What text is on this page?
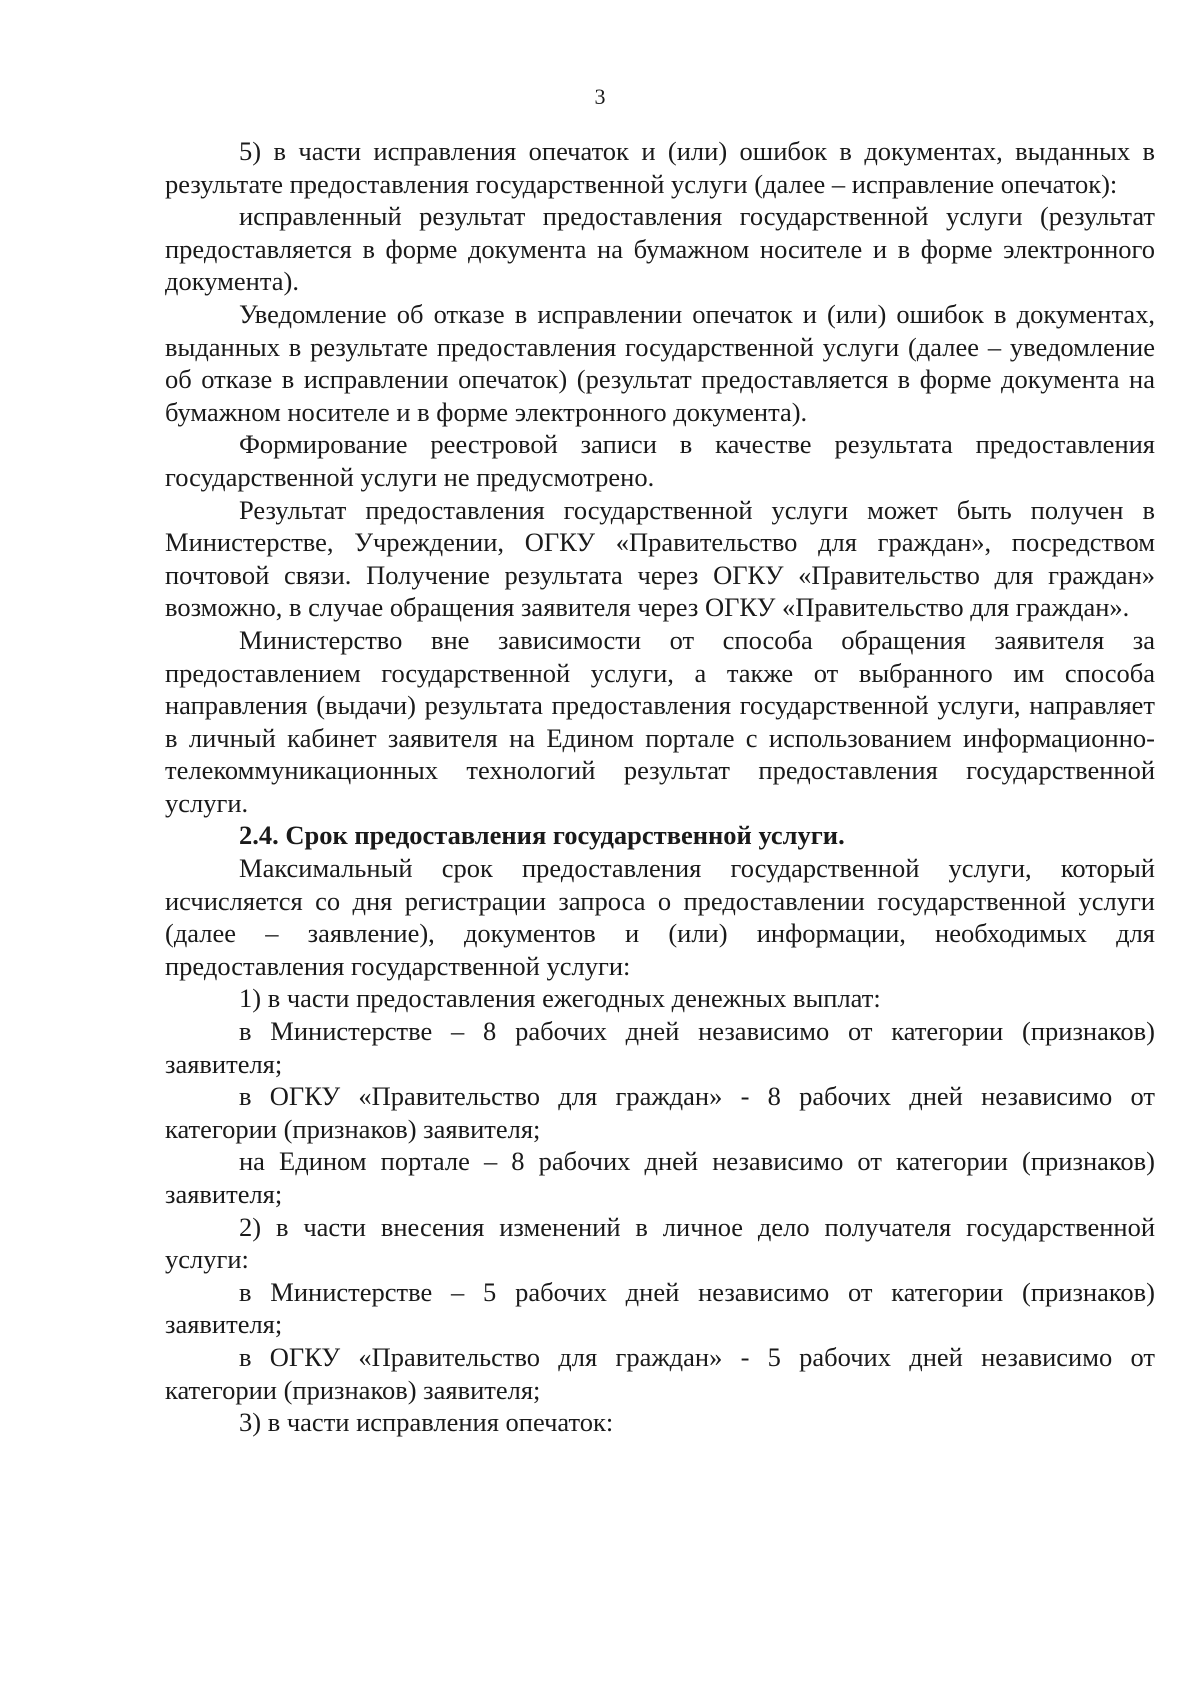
3

5) в части исправления опечаток и (или) ошибок в документах, выданных в результате предоставления государственной услуги (далее – исправление опечаток):

исправленный результат предоставления государственной услуги (результат предоставляется в форме документа на бумажном носителе и в форме электронного документа).

Уведомление об отказе в исправлении опечаток и (или) ошибок в документах, выданных в результате предоставления государственной услуги (далее – уведомление об отказе в исправлении опечаток) (результат предоставляется в форме документа на бумажном носителе и в форме электронного документа).

Формирование реестровой записи в качестве результата предоставления государственной услуги не предусмотрено.

Результат предоставления государственной услуги может быть получен в Министерстве, Учреждении, ОГКУ «Правительство для граждан», посредством почтовой связи. Получение результата через ОГКУ «Правительство для граждан» возможно, в случае обращения заявителя через ОГКУ «Правительство для граждан».

Министерство вне зависимости от способа обращения заявителя за предоставлением государственной услуги, а также от выбранного им способа направления (выдачи) результата предоставления государственной услуги, направляет в личный кабинет заявителя на Едином портале с использованием информационно-телекоммуникационных технологий результат предоставления государственной услуги.

2.4. Срок предоставления государственной услуги.

Максимальный срок предоставления государственной услуги, который исчисляется со дня регистрации запроса о предоставлении государственной услуги (далее – заявление), документов и (или) информации, необходимых для предоставления государственной услуги:

1) в части предоставления ежегодных денежных выплат:

в Министерстве – 8 рабочих дней независимо от категории (признаков) заявителя;

в ОГКУ «Правительство для граждан» - 8 рабочих дней независимо от категории (признаков) заявителя;

на Едином портале – 8 рабочих дней независимо от категории (признаков) заявителя;

2) в части внесения изменений в личное дело получателя государственной услуги:

в Министерстве – 5 рабочих дней независимо от категории (признаков) заявителя;

в ОГКУ «Правительство для граждан» - 5 рабочих дней независимо от категории (признаков) заявителя;

3) в части исправления опечаток:
